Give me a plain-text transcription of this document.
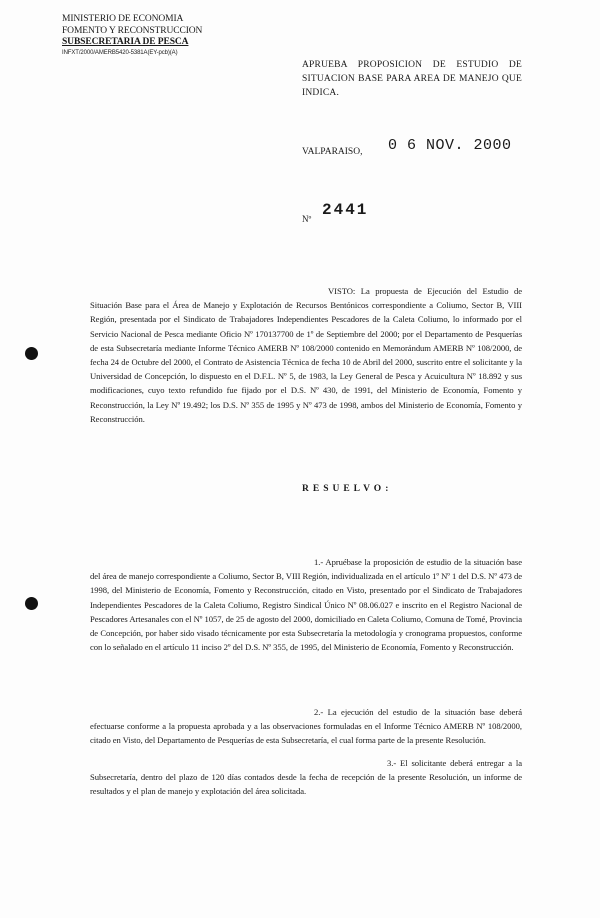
MINISTERIO DE ECONOMIA
FOMENTO Y RECONSTRUCCION
SUBSECRETARIA DE PESCA
INFXT/2000/AMERB5420-5381A(EY-pcb)(A)
APRUEBA PROPOSICION DE ESTUDIO DE SITUACION BASE PARA AREA DE MANEJO QUE INDICA.
VALPARAISO, 0 6 NOV. 2000
Nº 2441
VISTO: La propuesta de Ejecución del Estudio de Situación Base para el Área de Manejo y Explotación de Recursos Bentónicos correspondiente a Coliumo, Sector B, VIII Región, presentada por el Sindicato de Trabajadores Independientes Pescadores de la Caleta Coliumo, lo informado por el Servicio Nacional de Pesca mediante Oficio Nº 170137700 de 1º de Septiembre del 2000; por el Departamento de Pesquerías de esta Subsecretaría mediante Informe Técnico AMERB Nº 108/2000 contenido en Memorándum AMERB Nº 108/2000, de fecha 24 de Octubre del 2000, el Contrato de Asistencia Técnica de fecha 10 de Abril del 2000, suscrito entre el solicitante y la Universidad de Concepción, lo dispuesto en el D.F.L. Nº 5, de 1983, la Ley General de Pesca y Acuicultura Nº 18.892 y sus modificaciones, cuyo texto refundido fue fijado por el D.S. Nº 430, de 1991, del Ministerio de Economía, Fomento y Reconstrucción, la Ley Nº 19.492; los D.S. Nº 355 de 1995 y Nº 473 de 1998, ambos del Ministerio de Economía, Fomento y Reconstrucción.
RESUELVO:
1.- Apruébase la proposición de estudio de la situación base del área de manejo correspondiente a Coliumo, Sector B, VIII Región, individualizada en el artículo 1º Nº 1 del D.S. Nº 473 de 1998, del Ministerio de Economía, Fomento y Reconstrucción, citado en Visto, presentado por el Sindicato de Trabajadores Independientes Pescadores de la Caleta Coliumo, Registro Sindical Único Nº 08.06.027 e inscrito en el Registro Nacional de Pescadores Artesanales con el Nº 1057, de 25 de agosto del 2000, domiciliado en Caleta Coliumo, Comuna de Tomé, Provincia de Concepción, por haber sido visado técnicamente por esta Subsecretaría la metodología y cronograma propuestos, conforme con lo señalado en el artículo 11 inciso 2º del D.S. Nº 355, de 1995, del Ministerio de Economía, Fomento y Reconstrucción.
2.- La ejecución del estudio de la situación base deberá efectuarse conforme a la propuesta aprobada y a las observaciones formuladas en el Informe Técnico AMERB Nº 108/2000, citado en Visto, del Departamento de Pesquerías de esta Subsecretaría, el cual forma parte de la presente Resolución.
3.- El solicitante deberá entregar a la Subsecretaría, dentro del plazo de 120 días contados desde la fecha de recepción de la presente Resolución, un informe de resultados y el plan de manejo y explotación del área solicitada.
